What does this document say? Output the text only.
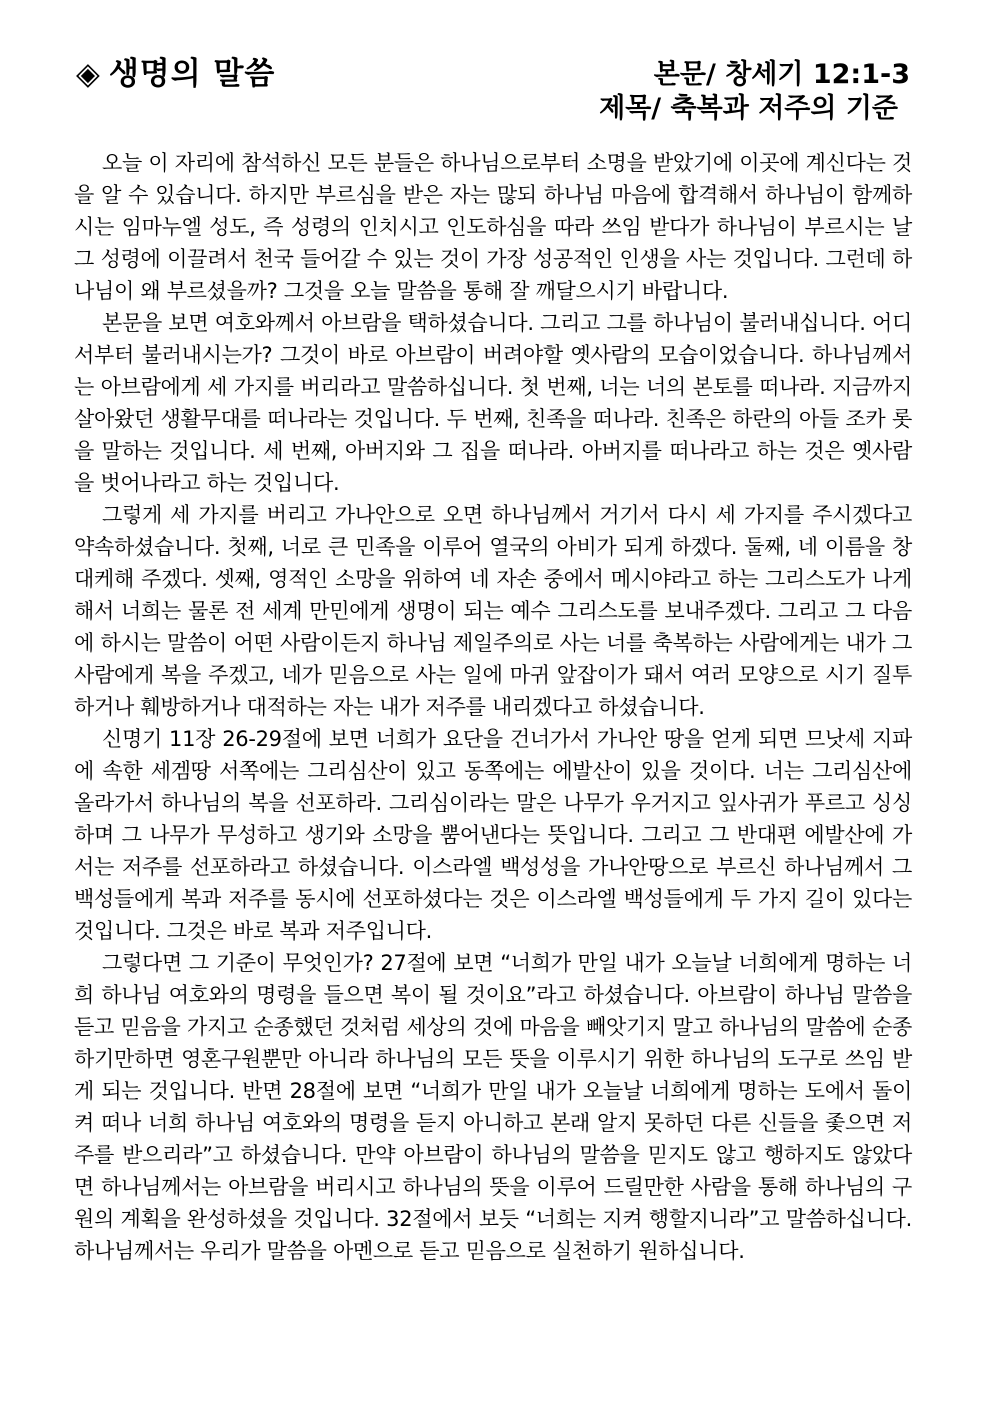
◈ 생명의 말씀	본문/ 창세기 12:1-3
제목/ 축복과 저주의 기준

오늘 이 자리에 참석하신 모든 분들은 하나님으로부터 소명을 받았기에 이곳에 계신다는 것을 알 수 있습니다. 하지만 부르심을 받은 자는 많되 하나님 마음에 합격해서 하나님이 함께하시는 임마누엘 성도, 즉 성령의 인치시고 인도하심을 따라 쓰임 받다가 하나님이 부르시는 날 그 성령에 이끌려서 천국 들어갈 수 있는 것이 가장 성공적인 인생을 사는 것입니다. 그런데 하나님이 왜 부르셨을까? 그것을 오늘 말씀을 통해 잘 깨달으시기 바랍니다.

본문을 보면 여호와께서 아브람을 택하셨습니다. 그리고 그를 하나님이 불러내십니다. 어디서부터 불러내시는가? 그것이 바로 아브람이 버려야할 옛사람의 모습이었습니다. 하나님께서는 아브람에게 세 가지를 버리라고 말씀하십니다. 첫 번째, 너는 너의 본토를 떠나라. 지금까지 살아왔던 생활무대를 떠나라는 것입니다. 두 번째, 친족을 떠나라. 친족은 하란의 아들 조카 롯을 말하는 것입니다. 세 번째, 아버지와 그 집을 떠나라. 아버지를 떠나라고 하는 것은 옛사람을 벗어나라고 하는 것입니다.

그렇게 세 가지를 버리고 가나안으로 오면 하나님께서 거기서 다시 세 가지를 주시겠다고 약속하셨습니다. 첫째, 너로 큰 민족을 이루어 열국의 아비가 되게 하겠다. 둘째, 네 이름을 창대케해 주겠다. 셋째, 영적인 소망을 위하여 네 자손 중에서 메시야라고 하는 그리스도가 나게 해서 너희는 물론 전 세계 만민에게 생명이 되는 예수 그리스도를 보내주겠다. 그리고 그 다음에 하시는 말씀이 어떤 사람이든지 하나님 제일주의로 사는 너를 축복하는 사람에게는 내가 그 사람에게 복을 주겠고, 네가 믿음으로 사는 일에 마귀 앞잡이가 돼서 여러 모양으로 시기 질투하거나 훼방하거나 대적하는 자는 내가 저주를 내리겠다고 하셨습니다.

신명기 11장 26-29절에 보면 너희가 요단을 건너가서 가나안 땅을 얻게 되면 므낫세 지파에 속한 세겜땅 서쪽에는 그리심산이 있고 동쪽에는 에발산이 있을 것이다. 너는 그리심산에 올라가서 하나님의 복을 선포하라. 그리심이라는 말은 나무가 우거지고 잎사귀가 푸르고 싱싱하며 그 나무가 무성하고 생기와 소망을 뿜어낸다는 뜻입니다. 그리고 그 반대편 에발산에 가서는 저주를 선포하라고 하셨습니다. 이스라엘 백성성을 가나안땅으로 부르신 하나님께서 그 백성들에게 복과 저주를 동시에 선포하셨다는 것은 이스라엘 백성들에게 두 가지 길이 있다는 것입니다. 그것은 바로 복과 저주입니다.

그렇다면 그 기준이 무엇인가? 27절에 보면 “너희가 만일 내가 오늘날 너희에게 명하는 너희 하나님 여호와의 명령을 들으면 복이 될 것이요”라고 하셨습니다. 아브람이 하나님 말씀을 듣고 믿음을 가지고 순종했던 것처럼 세상의 것에 마음을 빼앗기지 말고 하나님의 말씀에 순종하기만하면 영혼구원뿐만 아니라 하나님의 모든 뜻을 이루시기 위한 하나님의 도구로 쓰임 받게 되는 것입니다. 반면 28절에 보면 “너희가 만일 내가 오늘날 너희에게 명하는 도에서 돌이켜 떠나 너희 하나님 여호와의 명령을 듣지 아니하고 본래 알지 못하던 다른 신들을 좇으면 저주를 받으리라”고 하셨습니다. 만약 아브람이 하나님의 말씀을 믿지도 않고 행하지도 않았다면 하나님께서는 아브람을 버리시고 하나님의 뜻을 이루어 드릴만한 사람을 통해 하나님의 구원의 계획을 완성하셨을 것입니다. 32절에서 보듯 “너희는 지켜 행할지니라”고 말씀하십니다. 하나님께서는 우리가 말씀을 아멘으로 듣고 믿음으로 실천하기 원하십니다.
